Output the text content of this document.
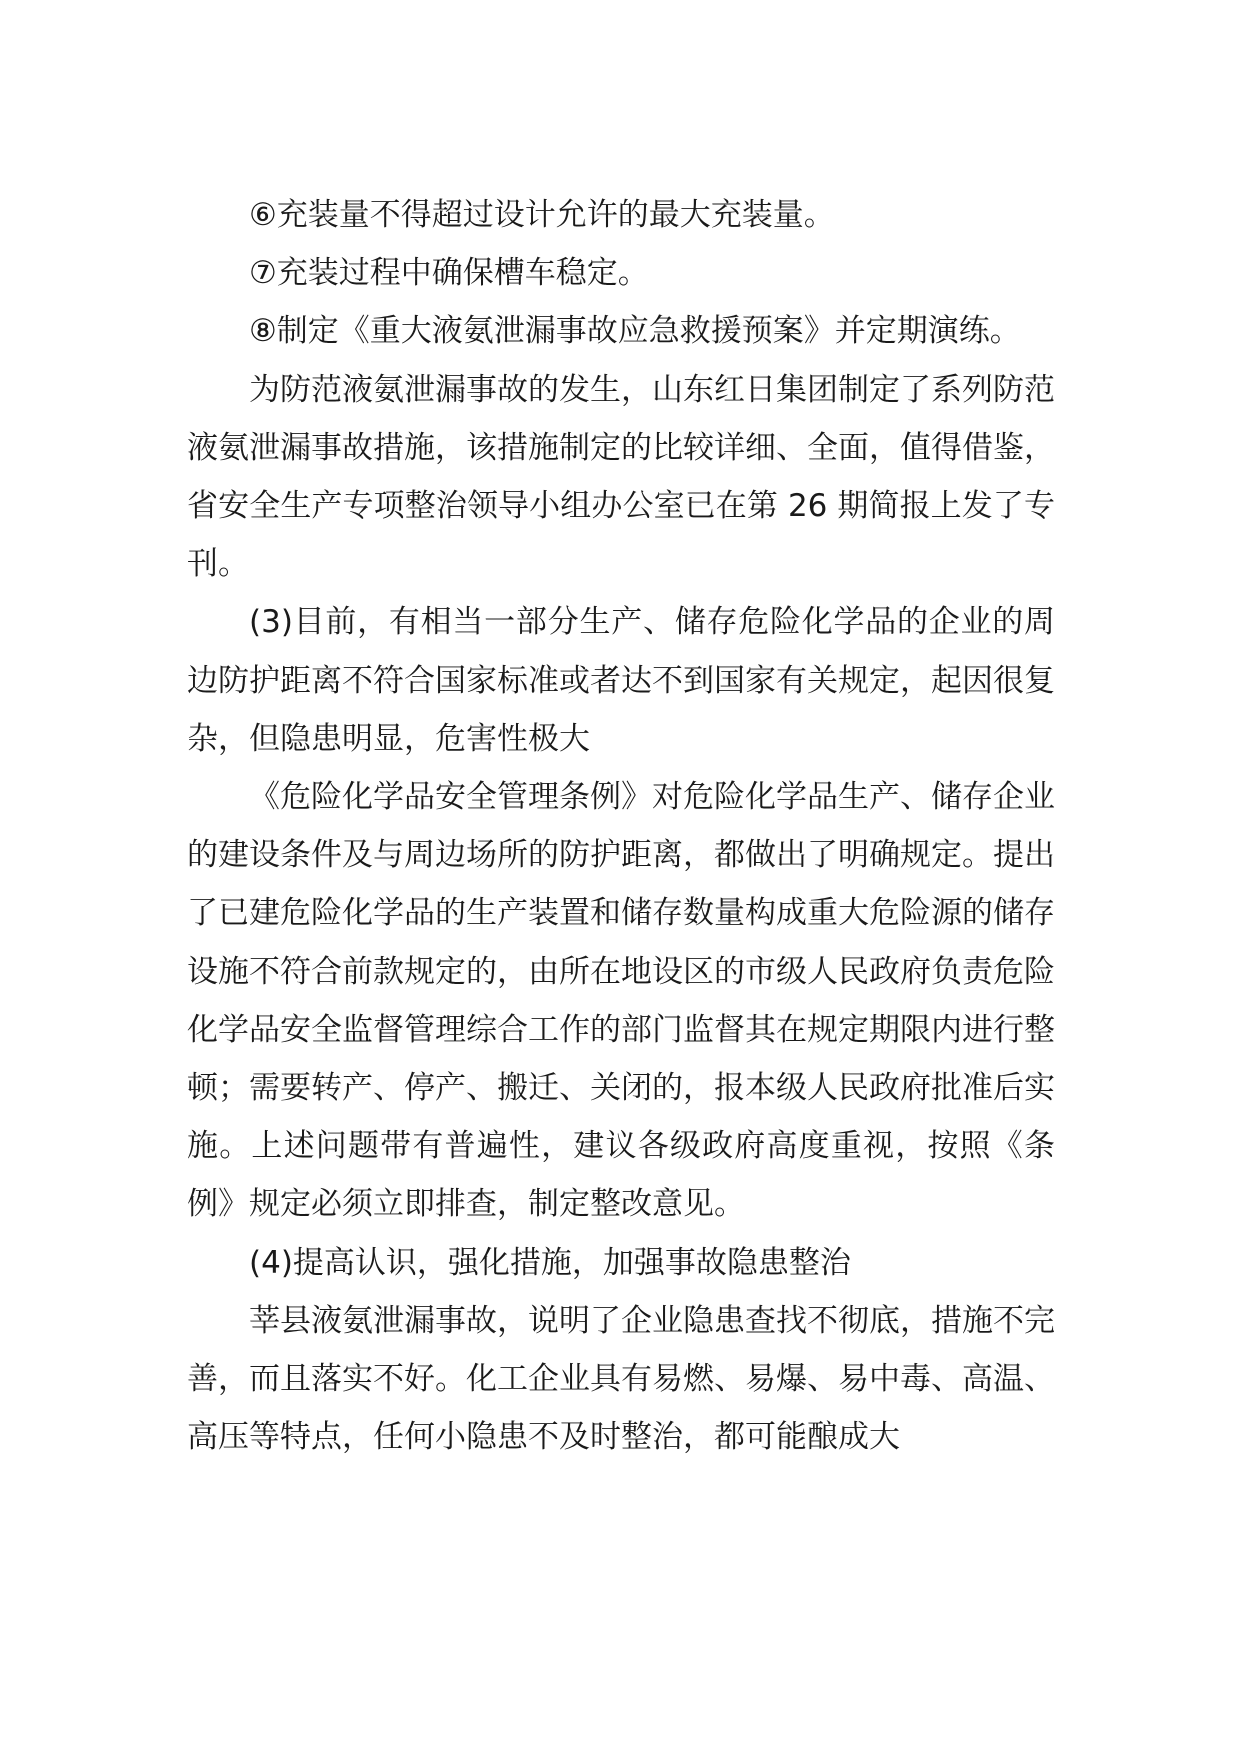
⑥充装量不得超过设计允许的最大充装量。

⑦充装过程中确保槽车稳定。

⑧制定《重大液氨泄漏事故应急救援预案》并定期演练。

为防范液氨泄漏事故的发生，山东红日集团制定了系列防范液氨泄漏事故措施，该措施制定的比较详细、全面，值得借鉴，省安全生产专项整治领导小组办公室已在第 26 期简报上发了专刊。

(3)目前，有相当一部分生产、储存危险化学品的企业的周边防护距离不符合国家标准或者达不到国家有关规定，起因很复杂，但隐患明显，危害性极大

《危险化学品安全管理条例》对危险化学品生产、储存企业的建设条件及与周边场所的防护距离，都做出了明确规定。提出了已建危险化学品的生产装置和储存数量构成重大危险源的储存设施不符合前款规定的，由所在地设区的市级人民政府负责危险化学品安全监督管理综合工作的部门监督其在规定期限内进行整顿；需要转产、停产、搬迁、关闭的，报本级人民政府批准后实施。上述问题带有普遍性，建议各级政府高度重视，按照《条例》规定必须立即排查，制定整改意见。

(4)提高认识，强化措施，加强事故隐患整治

莘县液氨泄漏事故，说明了企业隐患查找不彻底，措施不完善，而且落实不好。化工企业具有易燃、易爆、易中毒、高温、高压等特点，任何小隐患不及时整治，都可能酿成大
